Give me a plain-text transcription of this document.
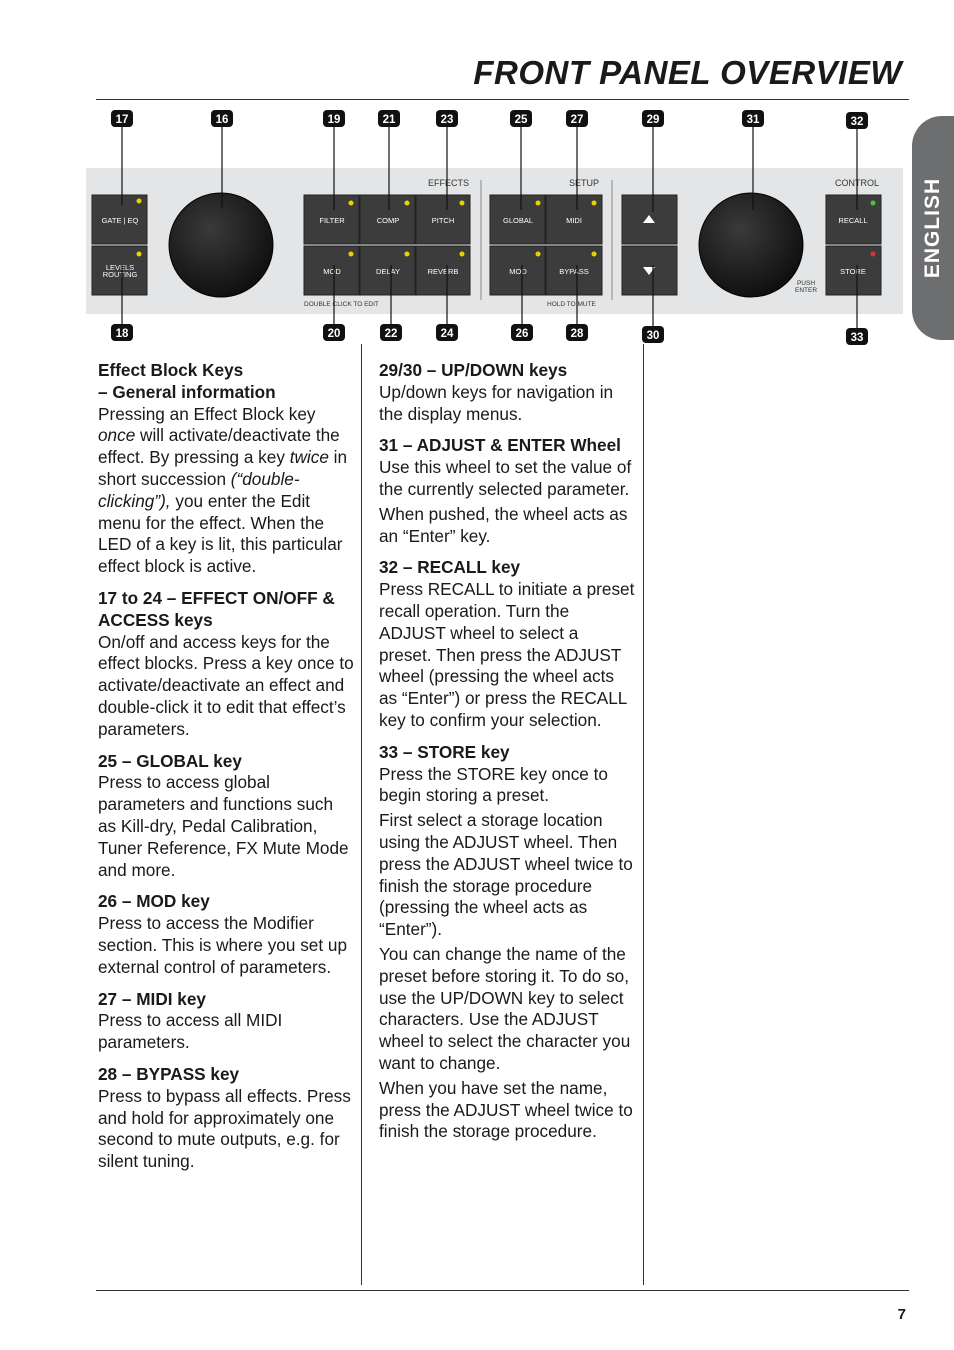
FRONT PANEL OVERVIEW
ENGLISH
EFFECTS	SETUP	CONTROL
GATE | EQ
LEVELS
ROUTING
FILTER	COMP	PITCH
MOD	DELAY	REVERB
DOUBLE CLICK TO EDIT
GLOBAL	MIDI
MOD	BYPASS
HOLD TO MUTE
PUSH
ENTER
RECALL
STORE
17	16	19	21	23	25	27	29	31	32
18	20	22	24	26	28	30	33
Effect Block Keys
– General information

Pressing an Effect Block key once will activate/deactivate the effect. By pressing a key twice in short succession (“double-clicking”), you enter the Edit menu for the effect. When the LED of a key is lit, this particular effect block is active.

17 to 24 – EFFECT ON/OFF & ACCESS keys

On/off and access keys for the effect blocks. Press a key once to activate/deactivate an effect and double-click it to edit that effect’s parameters.

25 – GLOBAL key

Press to access global parameters and functions such as Kill-dry, Pedal Calibration, Tuner Reference, FX Mute Mode and more.

26 – MOD key

Press to access the Modifier section. This is where you set up external control of parameters.

27 – MIDI key

Press to access all MIDI parameters.

28 – BYPASS key

Press to bypass all effects. Press and hold for approximately one second to mute outputs, e.g. for silent tuning.

29/30 – UP/DOWN keys

Up/down keys for navigation in the display menus.

31 – ADJUST & ENTER Wheel

Use this wheel to set the value of the currently selected parameter.

When pushed, the wheel acts as an “Enter” key.

32 – RECALL key

Press RECALL to initiate a preset recall operation. Turn the ADJUST wheel to select a preset. Then press the ADJUST wheel (pressing the wheel acts as “Enter”) or press the RECALL key to confirm your selection.

33 – STORE key

Press the STORE key once to begin storing a preset.

First select a storage location using the ADJUST wheel. Then press the ADJUST wheel twice to finish the storage procedure (pressing the wheel acts as “Enter”).

You can change the name of the preset before storing it. To do so, use the UP/DOWN key to select characters. Use the ADJUST wheel to select the character you want to change.

When you have set the name, press the ADJUST wheel twice to finish the storage procedure.

7
